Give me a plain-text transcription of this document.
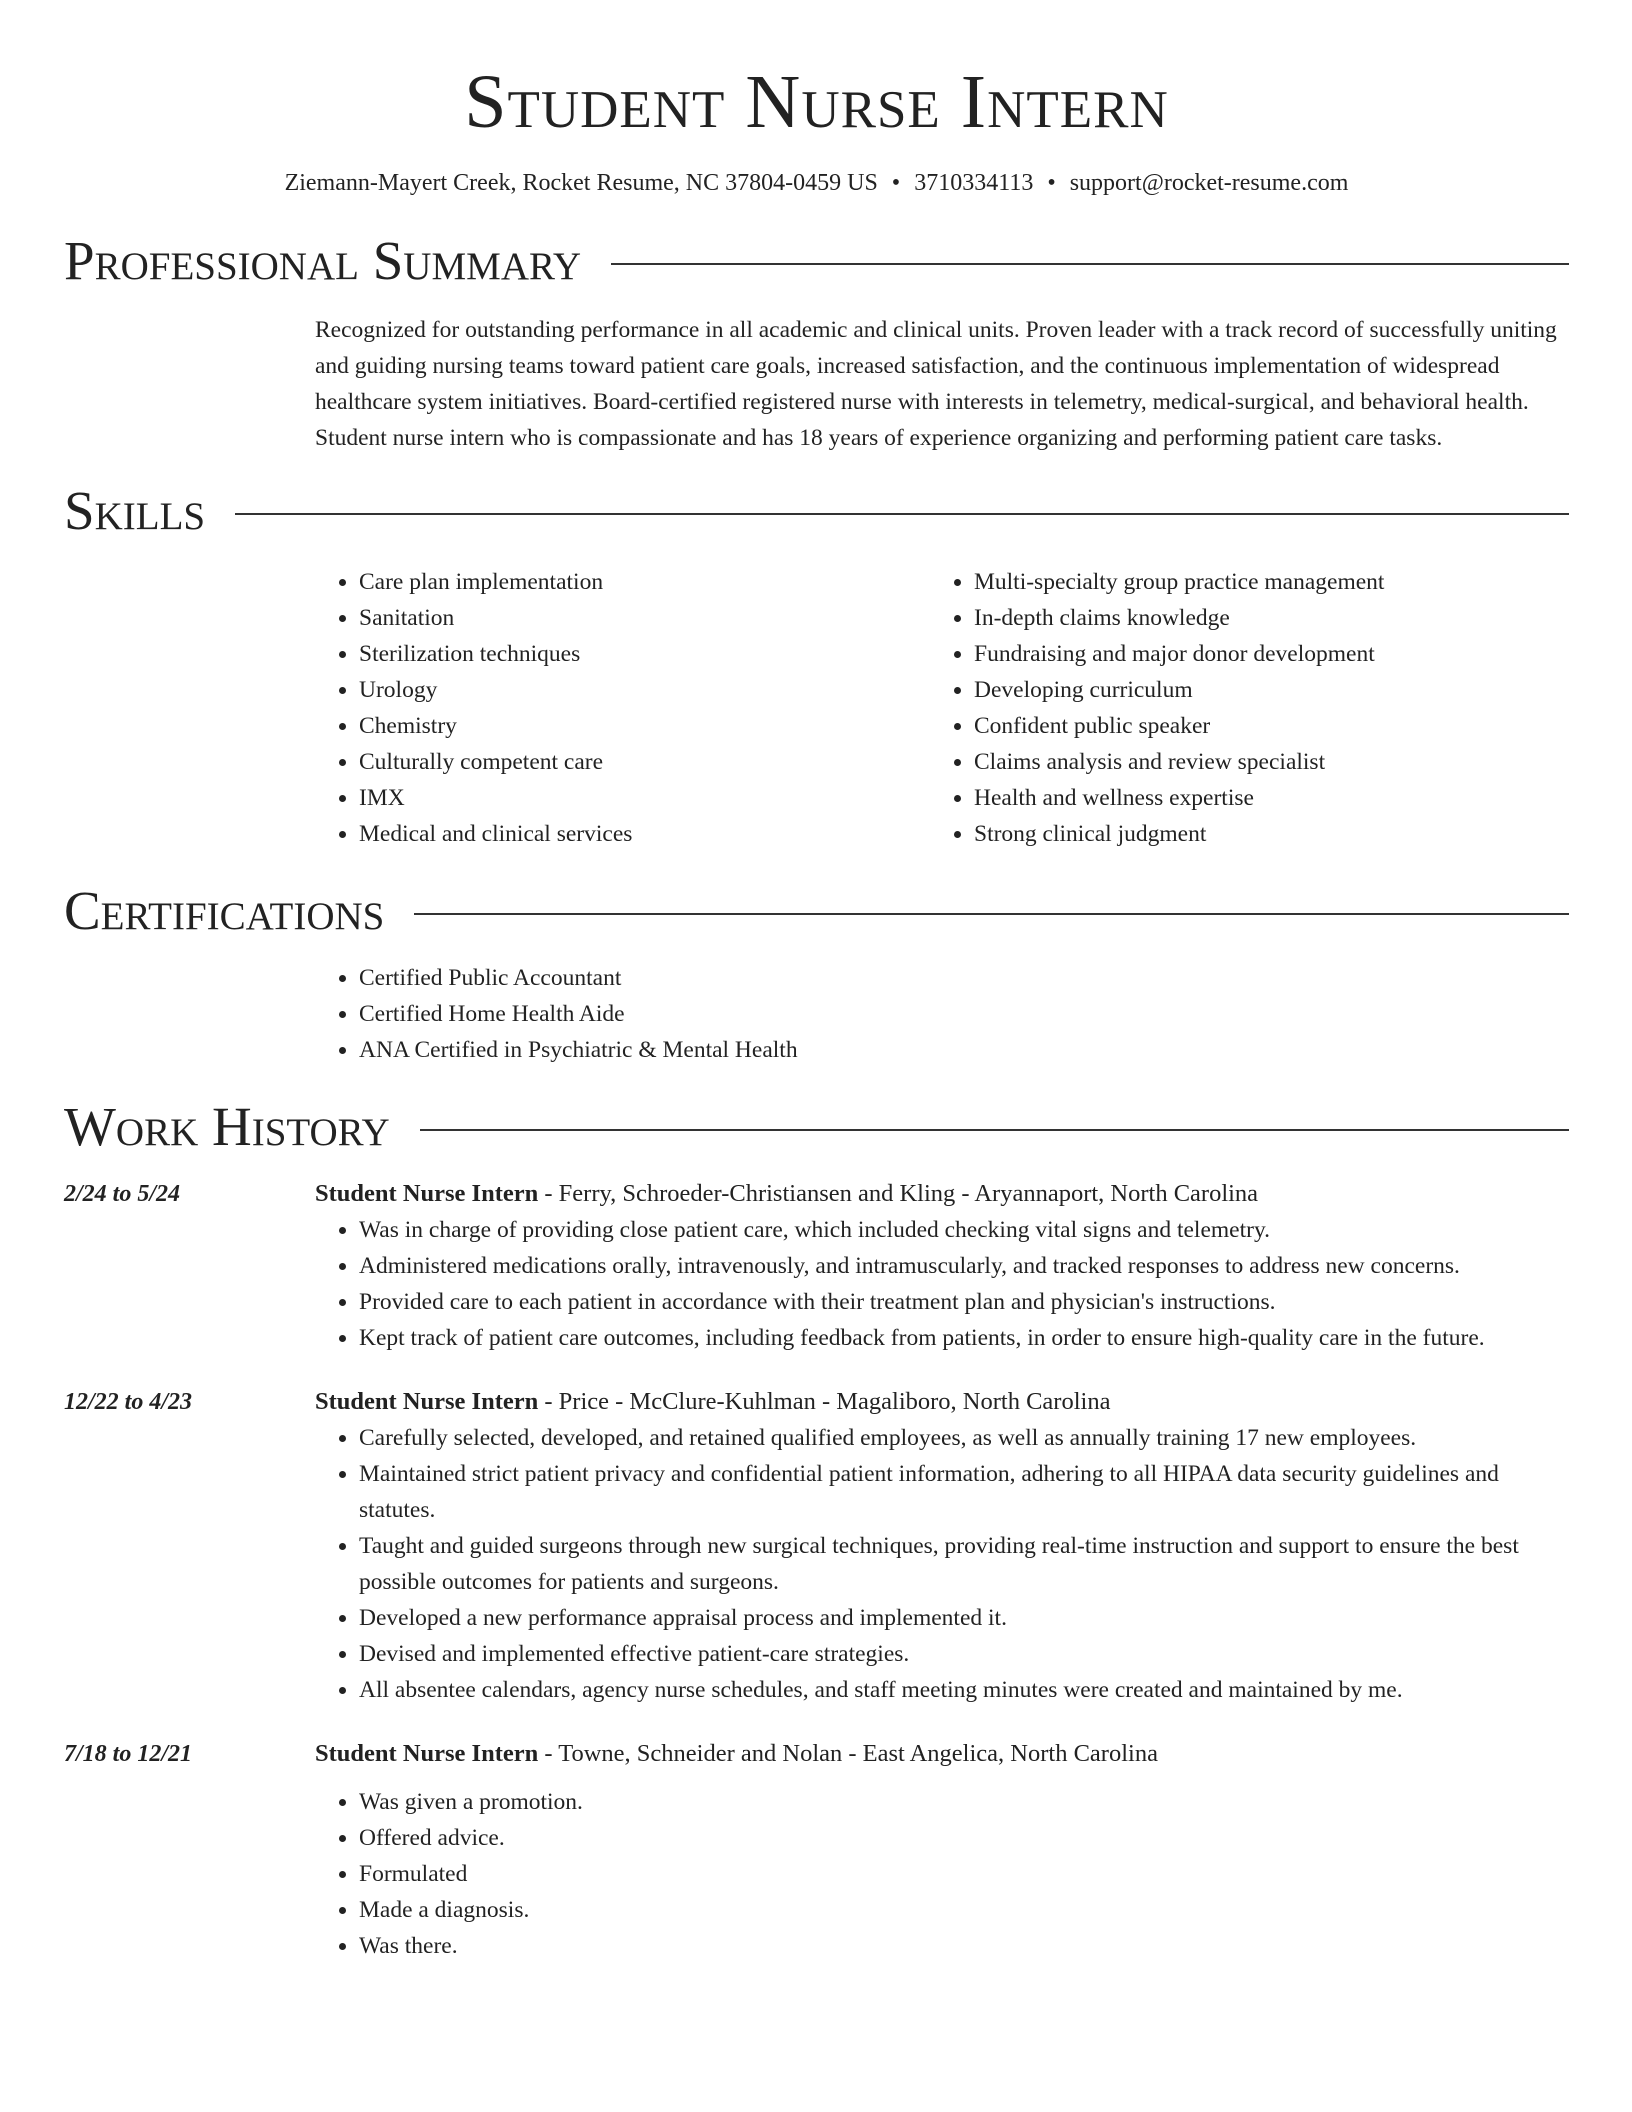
Student Nurse Intern
Ziemann-Mayert Creek, Rocket Resume, NC 37804-0459 US • 3710334113 • support@rocket-resume.com
Professional Summary

Recognized for outstanding performance in all academic and clinical units. Proven leader with a track record of successfully uniting and guiding nursing teams toward patient care goals, increased satisfaction, and the continuous implementation of widespread healthcare system initiatives. Board-certified registered nurse with interests in telemetry, medical-surgical, and behavioral health. Student nurse intern who is compassionate and has 18 years of experience organizing and performing patient care tasks.

Skills
• Care plan implementation
• Sanitation
• Sterilization techniques
• Urology
• Chemistry
• Culturally competent care
• IMX
• Medical and clinical services
• Multi-specialty group practice management
• In-depth claims knowledge
• Fundraising and major donor development
• Developing curriculum
• Confident public speaker
• Claims analysis and review specialist
• Health and wellness expertise
• Strong clinical judgment
Certifications
• Certified Public Accountant
• Certified Home Health Aide
• ANA Certified in Psychiatric & Mental Health
Work History
2/24 to 5/24	Student Nurse Intern - Ferry, Schroeder-Christiansen and Kling - Aryannaport, North Carolina
• Was in charge of providing close patient care, which included checking vital signs and telemetry.
• Administered medications orally, intravenously, and intramuscularly, and tracked responses to address new concerns.
• Provided care to each patient in accordance with their treatment plan and physician's instructions.
• Kept track of patient care outcomes, including feedback from patients, in order to ensure high-quality care in the future.
12/22 to 4/23	Student Nurse Intern - Price - McClure-Kuhlman - Magaliboro, North Carolina
• Carefully selected, developed, and retained qualified employees, as well as annually training 17 new employees.
• Maintained strict patient privacy and confidential patient information, adhering to all HIPAA data security guidelines and statutes.
• Taught and guided surgeons through new surgical techniques, providing real-time instruction and support to ensure the best possible outcomes for patients and surgeons.
• Developed a new performance appraisal process and implemented it.
• Devised and implemented effective patient-care strategies.
• All absentee calendars, agency nurse schedules, and staff meeting minutes were created and maintained by me.
7/18 to 12/21	Student Nurse Intern - Towne, Schneider and Nolan - East Angelica, North Carolina
• Was given a promotion.
• Offered advice.
• Formulated
• Made a diagnosis.
• Was there.
